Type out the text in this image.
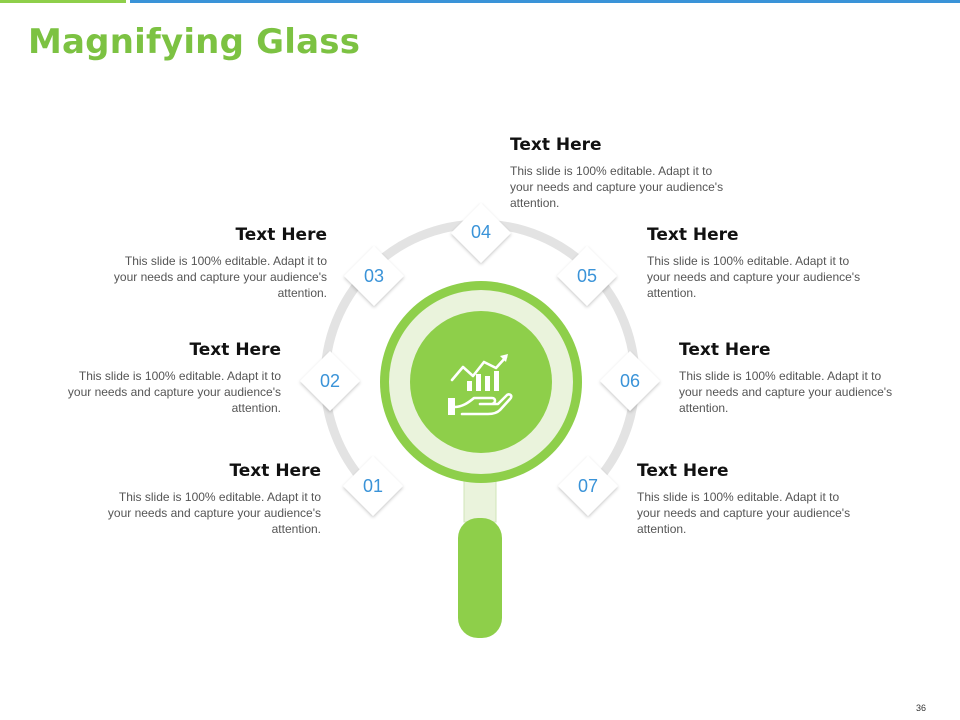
Magnifying Glass
01
02
03
04
05
06
07

Text Here

This slide is 100% editable. Adapt it to your needs and capture your audience's attention.

Text Here

This slide is 100% editable. Adapt it to your needs and capture your audience's attention.

Text Here

This slide is 100% editable. Adapt it to your needs and capture your audience's attention.

Text Here

This slide is 100% editable. Adapt it to your needs and capture your audience's attention.

Text Here

This slide is 100% editable. Adapt it to your needs and capture your audience's attention.

Text Here

This slide is 100% editable. Adapt it to your needs and capture your audience's attention.

Text Here

This slide is 100% editable. Adapt it to your needs and capture your audience's attention.

36
